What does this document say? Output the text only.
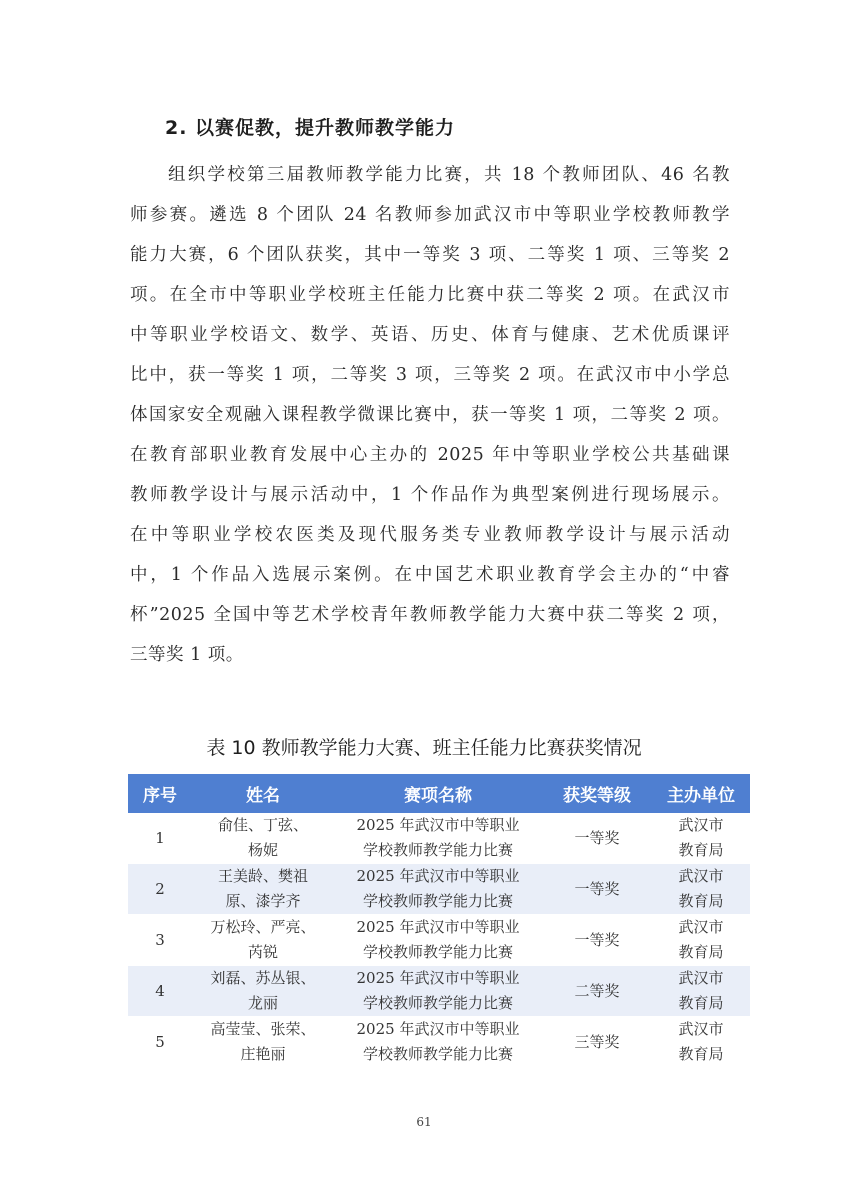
2. 以赛促教，提升教师教学能力
组织学校第三届教师教学能力比赛，共 18 个教师团队、46 名教
师参赛。遴选 8 个团队 24 名教师参加武汉市中等职业学校教师教学
能力大赛，6 个团队获奖，其中一等奖 3 项、二等奖 1 项、三等奖 2
项。在全市中等职业学校班主任能力比赛中获二等奖 2 项。在武汉市
中等职业学校语文、数学、英语、历史、体育与健康、艺术优质课评
比中，获一等奖 1 项，二等奖 3 项，三等奖 2 项。在武汉市中小学总
体国家安全观融入课程教学微课比赛中，获一等奖 1 项，二等奖 2 项。
在教育部职业教育发展中心主办的 2025 年中等职业学校公共基础课
教师教学设计与展示活动中，1 个作品作为典型案例进行现场展示。
在中等职业学校农医类及现代服务类专业教师教学设计与展示活动
中，1 个作品入选展示案例。在中国艺术职业教育学会主办的“中睿
杯”2025 全国中等艺术学校青年教师教学能力大赛中获二等奖 2 项，
三等奖 1 项。

表 10 教师教学能力大赛、班主任能力比赛获奖情况

序号	姓名	赛项名称	获奖等级	主办单位
1	俞佳、丁弦、
杨妮	2025 年武汉市中等职业
学校教师教学能力比赛	一等奖	武汉市
教育局
2	王美龄、樊祖
原、漆学齐	2025 年武汉市中等职业
学校教师教学能力比赛	一等奖	武汉市
教育局
3	万松玲、严亮、
芮锐	2025 年武汉市中等职业
学校教师教学能力比赛	一等奖	武汉市
教育局
4	刘磊、苏丛银、
龙丽	2025 年武汉市中等职业
学校教师教学能力比赛	二等奖	武汉市
教育局
5	高莹莹、张荣、
庄艳丽	2025 年武汉市中等职业
学校教师教学能力比赛	三等奖	武汉市
教育局

61
